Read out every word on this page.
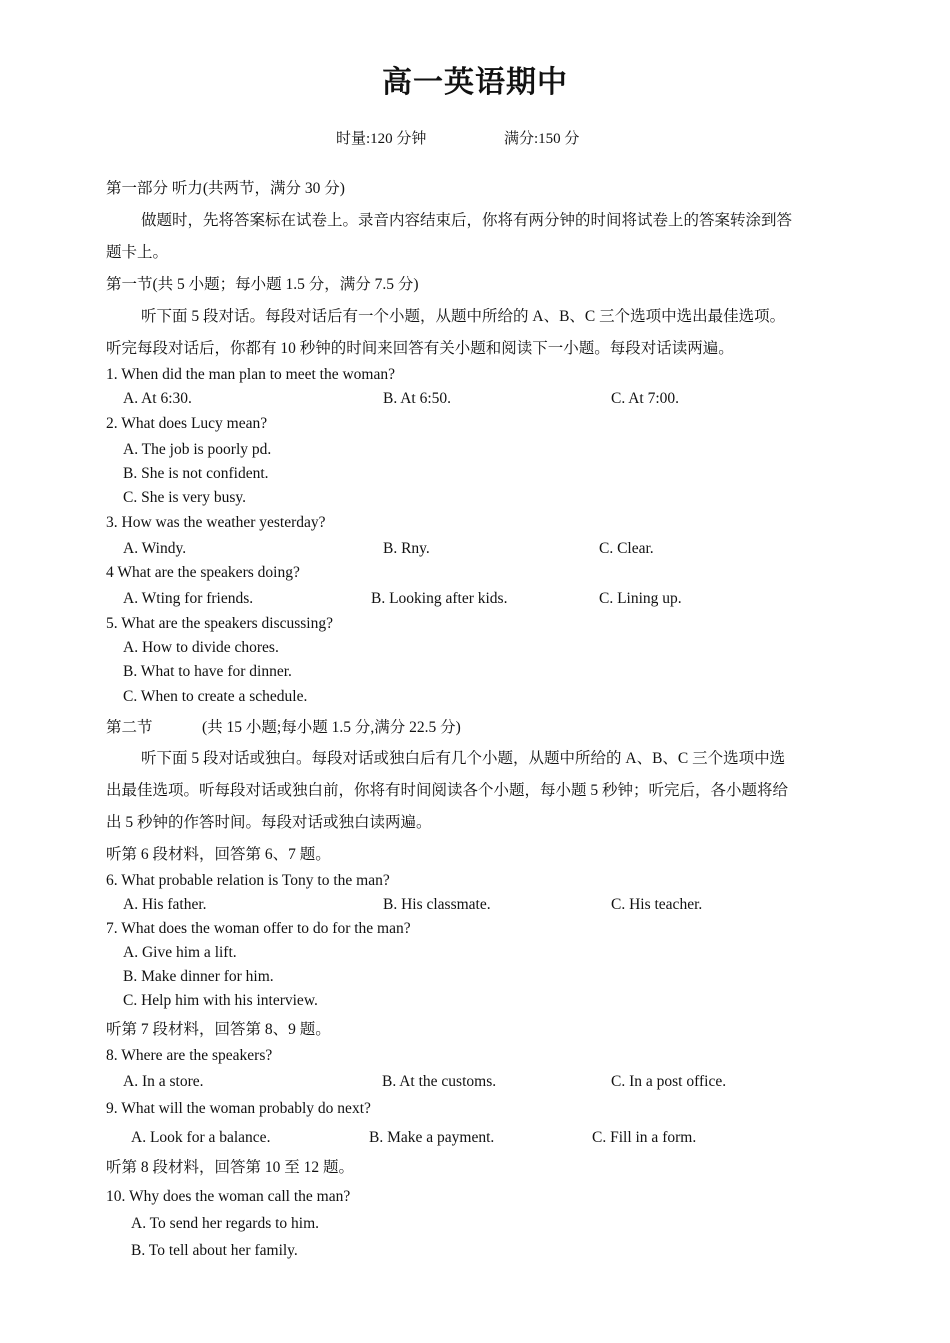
高一英语期中
时量:120 分钟	满分:150 分
第一部分 听力(共两节，满分 30 分)
做题时，先将答案标在试卷上。录音内容结束后，你将有两分钟的时间将试卷上的答案转涂到答
题卡上。
第一节(共 5 小题；每小题 1.5 分，满分 7.5 分)
听下面 5 段对话。每段对话后有一个小题，从题中所给的 A、B、C 三个选项中选出最佳选项。
听完每段对话后，你都有 10 秒钟的时间来回答有关小题和阅读下一小题。每段对话读两遍。
1. When did the man plan to meet the woman?
A. At 6:30.	B. At 6:50.	C. At 7:00.
2. What does Lucy mean?
A. The job is poorly pd.
B. She is not confident.
C. She is very busy.
3. How was the weather yesterday?
A. Windy.	B. Rny.	C. Clear.
4 What are the speakers doing?
A. Wting for friends.	B. Looking after kids.	C. Lining up.
5. What are the speakers discussing?
A. How to divide chores.
B. What to have for dinner.
C. When to create a schedule.
第二节	(共 15 小题;每小题 1.5 分,满分 22.5 分)
听下面 5 段对话或独白。每段对话或独白后有几个小题，从题中所给的 A、B、C 三个选项中选
出最佳选项。听每段对话或独白前，你将有时间阅读各个小题，每小题 5 秒钟；听完后，各小题将给
出 5 秒钟的作答时间。每段对话或独白读两遍。
听第 6 段材料，回答第 6、7 题。
6. What probable relation is Tony to the man?
A. His father.	B. His classmate.	C. His teacher.
7. What does the woman offer to do for the man?
A. Give him a lift.
B. Make dinner for him.
C. Help him with his interview.
听第 7 段材料，回答第 8、9 题。
8. Where are the speakers?
A. In a store.	B. At the customs.	C. In a post office.
9. What will the woman probably do next?
A. Look for a balance.	B. Make a payment.	C. Fill in a form.
听第 8 段材料，回答第 10 至 12 题。
10. Why does the woman call the man?
A. To send her regards to him.
B. To tell about her family.
